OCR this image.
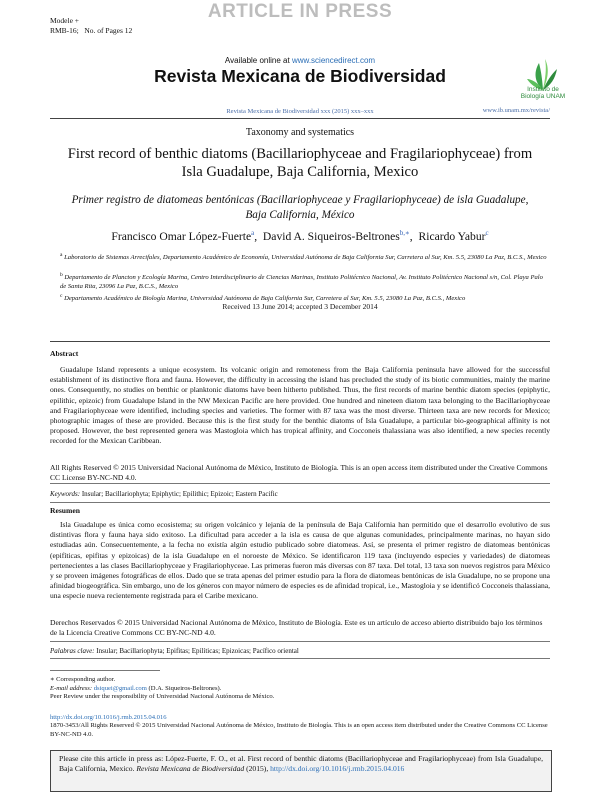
ARTICLE IN PRESS
Modele +
RMB-16; No. of Pages 12
Available online at www.sciencedirect.com
Revista Mexicana de Biodiversidad
Revista Mexicana de Biodiversidad xxx (2015) xxx–xxx	www.ib.unam.mx/revista/
Instituto de Biología UNAM
Taxonomy and systematics
First record of benthic diatoms (Bacillariophyceae and Fragilariophyceae) from Isla Guadalupe, Baja California, Mexico
Primer registro de diatomeas bentónicas (Bacillariophyceae y Fragilariophyceae) de isla Guadalupe, Baja California, México
Francisco Omar López-Fuerte$^a$,  David A. Siqueiros-Beltrones$^{b,∗}$,  Ricardo Yabur$^c$
$^a$ Laboratorio de Sistemas Arrecifales, Departamento Académico de Economía, Universidad Autónoma de Baja California Sur, Carretera al Sur, Km. 5.5, 23080 La Paz, B.C.S., Mexico
$^b$ Departamento de Plancton y Ecología Marina, Centro Interdisciplinario de Ciencias Marinas, Instituto Politécnico Nacional, Av. Instituto Politécnico Nacional s/n, Col. Playa Palo de Santa Rita, 23096 La Paz, B.C.S., Mexico
$^c$ Departamento Académico de Biología Marina, Universidad Autónoma de Baja California Sur, Carretera al Sur, Km. 5.5, 23080 La Paz, B.C.S., Mexico
Received 13 June 2014; accepted 3 December 2014
Abstract
Guadalupe Island represents a unique ecosystem. Its volcanic origin and remoteness from the Baja California peninsula have allowed for the successful establishment of its distinctive flora and fauna. However, the difficulty in accessing the island has precluded the study of its biotic communities, mainly the marine ones. Consequently, no studies on benthic or planktonic diatoms have been hitherto published. Thus, the first records of marine benthic diatom species (epiphytic, epilithic, epizoic) from Guadalupe Island in the NW Mexican Pacific are here provided. One hundred and nineteen diatom taxa belonging to the Bacillariophyceae and Fragilariophyceae were identified, including species and varieties. The former with 87 taxa was the most diverse. Thirteen taxa are new records for Mexico; photographic images of these are provided. Because this is the first study for the benthic diatoms of Isla Guadalupe, a particular bio-geographical affinity is not proposed. However, the best represented genera was Mastogloia which has tropical affinity, and Cocconeis thalassiana was also identified, a new species recently recorded for the Mexican Caribbean.
All Rights Reserved © 2015 Universidad Nacional Autónoma de México, Instituto de Biología. This is an open access item distributed under the Creative Commons CC License BY-NC-ND 4.0.
Keywords: Insular; Bacillariophyta; Epiphytic; Epilithic; Epizoic; Eastern Pacific
Resumen
Isla Guadalupe es única como ecosistema; su origen volcánico y lejanía de la península de Baja California han permitido que el desarrollo evolutivo de sus distintivas flora y fauna haya sido exitoso. La dificultad para acceder a la isla es causa de que algunas comunidades, principalmente marinas, no hayan sido estudiadas aún. Consecuentemente, a la fecha no existía algún estudio publicado sobre diatomeas. Así, se presenta el primer registro de diatomeas bentónicas (epifíticas, epifitas y epizoicas) de la isla Guadalupe en el noroeste de México. Se identificaron 119 taxa (incluyendo especies y variedades) de diatomeas pertenecientes a las clases Bacillariophyceae y Fragilariophyceae. Las primeras fueron más diversas con 87 taxa. Del total, 13 taxa son nuevos registros para México y se proveen imágenes fotográficas de ellos. Dado que se trata apenas del primer estudio para la flora de diatomeas bentónicas de isla Guadalupe, no se propone una afinidad biogeográfica. Sin embargo, uno de los géneros con mayor número de especies es de afinidad tropical, i.e., Mastogloia y se identificó Cocconeis thalassiana, una especie nueva recientemente registrada para el Caribe mexicano.
Derechos Reservados © 2015 Universidad Nacional Autónoma de México, Instituto de Biología. Este es un artículo de acceso abierto distribuido bajo los términos de la Licencia Creative Commons CC BY-NC-ND 4.0.
Palabras clave: Insular; Bacillariophyta; Epifitas; Epilíticas; Epizoicas; Pacífico oriental
∗ Corresponding author.
E-mail address: dsiquei@gmail.com (D.A. Siqueiros-Beltrones).
Peer Review under the responsibility of Universidad Nacional Autónoma de México.
http://dx.doi.org/10.1016/j.rmb.2015.04.016
1870-3453/All Rights Reserved © 2015 Universidad Nacional Autónoma de México, Instituto de Biología. This is an open access item distributed under the Creative Commons CC License BY-NC-ND 4.0.
Please cite this article in press as: López-Fuerte, F. O., et al. First record of benthic diatoms (Bacillariophyceae and Fragilariophyceae) from Isla Guadalupe, Baja California, Mexico. Revista Mexicana de Biodiversidad (2015), http://dx.doi.org/10.1016/j.rmb.2015.04.016
